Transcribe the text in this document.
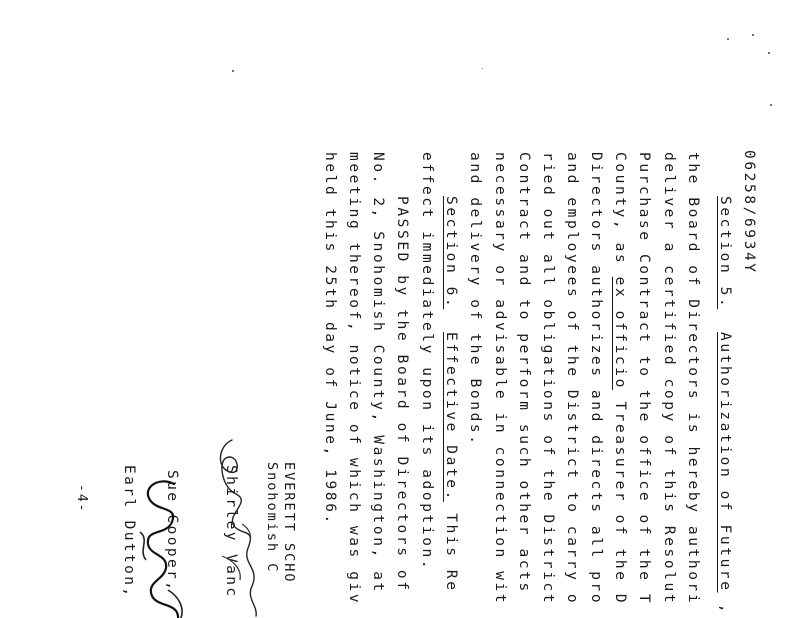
06258/6934Y
Section 5.  Authorization of Future ,
the Board of Directors is hereby authori
deliver a certified copy of this Resolut
Purchase Contract to the office of the T
County, as ex officio Treasurer of the D
Directors authorizes and directs all pro
and employees of the District to carry o
ried out all obligations of the District
Contract and to perform such other acts
necessary or advisable in connection wit
and delivery of the Bonds.
Section 6.  Effective Date. This Re
effect immediately upon its adoption.
PASSED by the Board of Directors of
No. 2, Snohomish County, Washington, at
meeting thereof, notice of which was giv
held this 25th day of June, 1986.
EVERETT SCHO
Snohomish C
Shirley Vanc
Sue Cooper,
Earl Dutton,
-4-
